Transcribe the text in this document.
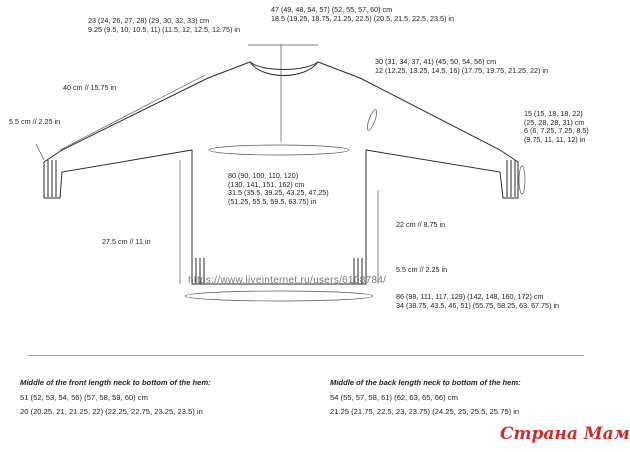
47 (49, 48, 54, 57) (52, 55, 57, 60) cm
18.5 (19.25, 18.75, 21.25, 22.5) (20.5, 21.5, 22.5, 23.5) in
23 (24, 26, 27, 28) (29, 30, 32, 33) cm
9.25 (9.5, 10, 10.5, 11) (11.5, 12, 12.5, 12.75) in
40 cm // 15.75 in
30 (31, 34, 37, 41) (45, 50, 54, 56) cm
12 (12.25, 13.25, 14.5, 16) (17.75, 19.75, 21.25, 22) in
5.5 cm // 2.25 in
15 (15, 18, 18, 22)
(25, 28, 28, 31) cm
6 (6, 7.25, 7.25, 8.5)
(9.75, 11, 11, 12) in
80 (90, 100, 110, 120)
(130, 141, 151, 162) cm
31.5 (35.5, 39.25, 43.25, 47.25)
(51.25, 55.5, 59.5, 63.75) in
22 cm // 8.75 in
27.5 cm // 11 in
5.5 cm // 2.25 in
86 (98, 111, 117, 129) (142, 148, 160, 172) cm
34 (38.75, 43.5, 46, 51) (55.75, 58.25, 63, 67.75) in
https://www.liveinternet.ru/users/6108784/
Middle of the front length neck to bottom of the hem:
51 (52, 53, 54, 56) (57, 58, 59, 60) cm
20 (20.25, 21, 21.25, 22) (22.25, 22.75, 23.25, 23.5) in
Middle of the back length neck to bottom of the hem:
54 (55, 57, 58, 61) (62, 63, 65, 66) cm
21.25 (21.75, 22.5, 23, 23.75) (24.25, 25, 25.5, 25.75) in
Страна Мам
